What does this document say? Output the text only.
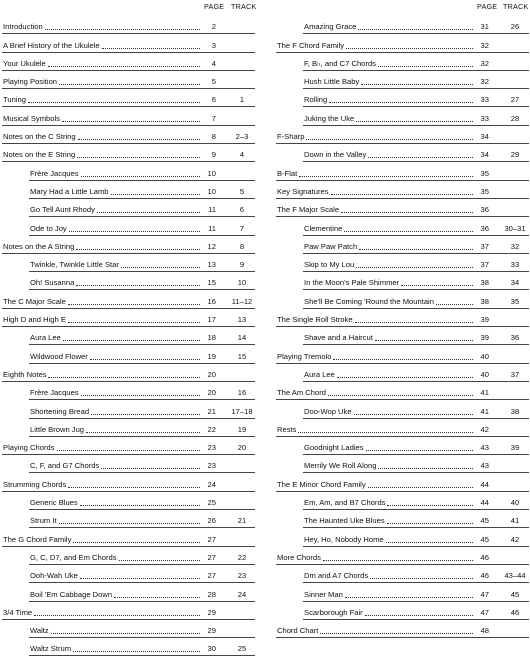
PAGE TRACK
Introduction	2
A Brief History of the Ukulele	3
Your Ukulele	4
Playing Position	5
Tuning	6	1
Musical Symbols	7
Notes on the C String	8	2–3
Notes on the E String	9	4
Frère Jacques	10
Mary Had a Little Lamb	10	5
Go Tell Aunt Rhody	11	6
Ode to Joy	11	7
Notes on the A String	12	8
Twinkle, Twinkle Little Star	13	9
Oh! Susanna	15	10
The C Major Scale	16	11–12
High D and High E	17	13
Aura Lee	18	14
Wildwood Flower	19	15
Eighth Notes	20
Frère Jacques	20	16
Shortening Bread	21	17–18
Little Brown Jug	22	19
Playing Chords	23	20
C, F, and G7 Chords	23
Strumming Chords	24
Generic Blues	25
Strum It	26	21
The G Chord Family	27
G, C, D7, and Em Chords	27	22
Ooh-Wah Uke	27	23
Boil 'Em Cabbage Down	28	24
3/4 Time	29
Waltz	29
Waltz Strum	30	25
PAGE TRACK
Amazing Grace	31	26
The F Chord Family	32
F, B♭, and C7 Chords	32
Hush Little Baby	32
Rolling	33	27
Juking the Uke	33	28
F-Sharp	34
Down in the Valley	34	29
B-Flat	35
Key Signatures	35
The F Major Scale	36
Clementine	36	30–31
Paw Paw Patch	37	32
Skip to My Lou	37	33
In the Moon's Pale Shimmer	38	34
She'll Be Coming 'Round the Mountain	38	35
The Single Roll Stroke	39
Shave and a Haircut	39	36
Playing Tremolo	40
Aura Lee	40	37
The Am Chord	41
Doo-Wop Uke	41	38
Rests	42
Goodnight Ladies	43	39
Merrily We Roll Along	43
The E Minor Chord Family	44
Em, Am, and B7 Chords	44	40
The Haunted Uke Blues	45	41
Hey, Ho, Nobody Home	45	42
More Chords	46
Dm and A7 Chords	46	43–44
Sinner Man	47	45
Scarborough Fair	47	46
Chord Chart	48
